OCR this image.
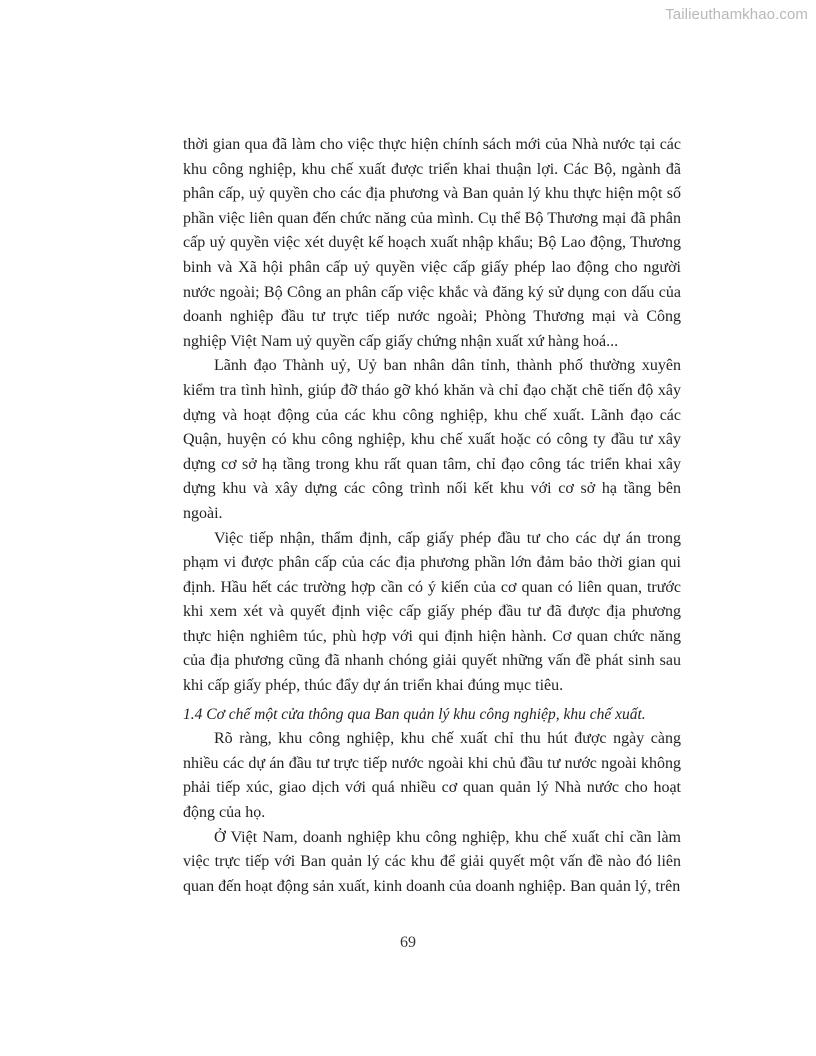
Tailieuthamkhao.com

thời gian qua đã làm cho việc thực hiện chính sách mới của Nhà nước tại các khu công nghiệp, khu chế xuất được triển khai thuận lợi. Các Bộ, ngành đã phân cấp, uỷ quyền cho các địa phương và Ban quản lý khu thực hiện một số phần việc liên quan đến chức năng của mình. Cụ thể Bộ Thương mại đã phân cấp uỷ quyền việc xét duyệt kế hoạch xuất nhập khẩu; Bộ Lao động, Thương binh và Xã hội phân cấp uỷ quyền việc cấp giấy phép lao động cho người nước ngoài; Bộ Công an phân cấp việc khắc và đăng ký sử dụng con dấu của doanh nghiệp đầu tư trực tiếp nước ngoài; Phòng Thương mại và Công nghiệp Việt Nam uỷ quyền cấp giấy chứng nhận xuất xứ hàng hoá...

Lãnh đạo Thành uỷ, Uỷ ban nhân dân tỉnh, thành phố thường xuyên kiểm tra tình hình, giúp đỡ tháo gỡ khó khăn và chỉ đạo chặt chẽ tiến độ xây dựng và hoạt động của các khu công nghiệp, khu chế xuất. Lãnh đạo các Quận, huyện có khu công nghiệp, khu chế xuất hoặc có công ty đầu tư xây dựng cơ sở hạ tầng trong khu rất quan tâm, chỉ đạo công tác triển khai xây dựng khu và xây dựng các công trình nối kết khu với cơ sở hạ tầng bên ngoài.

Việc tiếp nhận, thẩm định, cấp giấy phép đầu tư cho các dự án trong phạm vi được phân cấp của các địa phương phần lớn đảm bảo thời gian qui định. Hầu hết các trường hợp cần có ý kiến của cơ quan có liên quan, trước khi xem xét và quyết định việc cấp giấy phép đầu tư đã được địa phương thực hiện nghiêm túc, phù hợp với qui định hiện hành. Cơ quan chức năng của địa phương cũng đã nhanh chóng giải quyết những vấn đề phát sinh sau khi cấp giấy phép, thúc đẩy dự án triển khai đúng mục tiêu.

1.4 Cơ chế một cửa thông qua Ban quản lý khu công nghiệp, khu chế xuất.

Rõ ràng, khu công nghiệp, khu chế xuất chỉ thu hút được ngày càng nhiều các dự án đầu tư trực tiếp nước ngoài khi chủ đầu tư nước ngoài không phải tiếp xúc, giao dịch với quá nhiều cơ quan quản lý Nhà nước cho hoạt động của họ.

Ở Việt Nam, doanh nghiệp khu công nghiệp, khu chế xuất chỉ cần làm việc trực tiếp với Ban quản lý các khu để giải quyết một vấn đề nào đó liên quan đến hoạt động sản xuất, kinh doanh của doanh nghiệp. Ban quản lý, trên

69
